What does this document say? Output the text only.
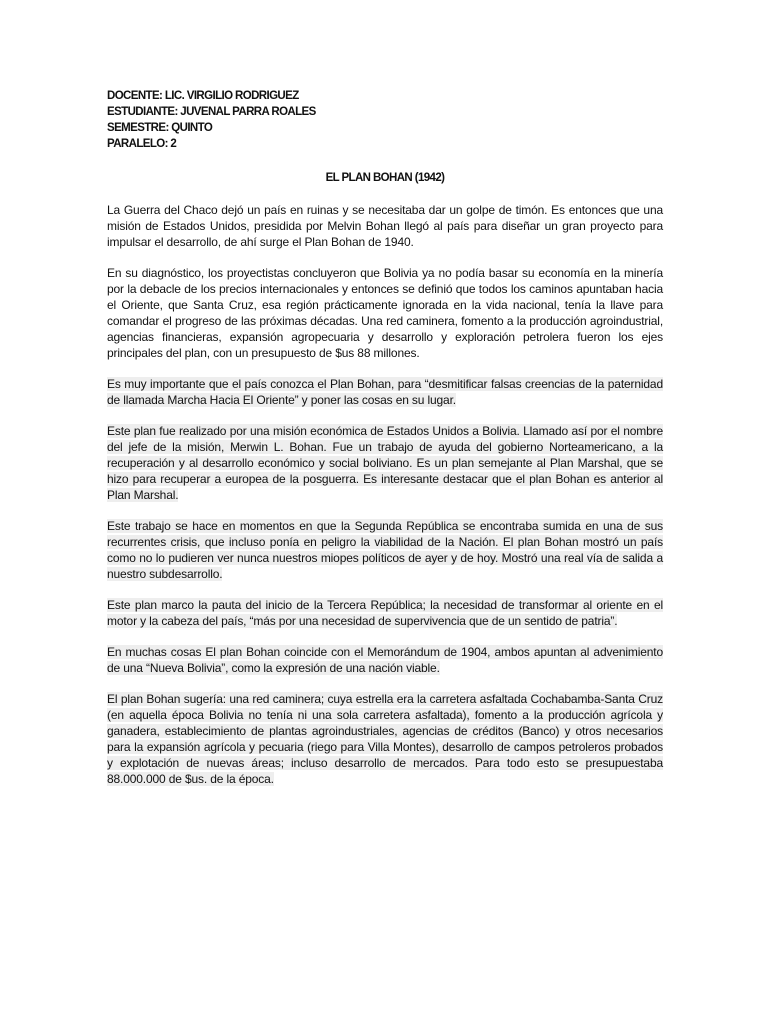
DOCENTE: LIC. VIRGILIO RODRIGUEZ
ESTUDIANTE: JUVENAL PARRA ROALES
SEMESTRE: QUINTO
PARALELO: 2
EL PLAN BOHAN (1942)

La Guerra del Chaco dejó un país en ruinas y se necesitaba dar un golpe de timón. Es entonces que una misión de Estados Unidos, presidida por Melvin Bohan llegó al país para diseñar un gran proyecto para impulsar el desarrollo, de ahí surge el Plan Bohan de 1940.

En su diagnóstico, los proyectistas concluyeron que Bolivia ya no podía basar su economía en la minería por la debacle de los precios internacionales y entonces se definió que todos los caminos apuntaban hacia el Oriente, que Santa Cruz, esa región prácticamente ignorada en la vida nacional, tenía la llave para comandar el progreso de las próximas décadas. Una red caminera, fomento a la producción agroindustrial, agencias financieras, expansión agropecuaria y desarrollo y exploración petrolera fueron los ejes principales del plan, con un presupuesto de $us 88 millones.

Es muy importante que el país conozca el Plan Bohan, para “desmitificar falsas creencias de la paternidad de llamada Marcha Hacia El Oriente” y poner las cosas en su lugar.

Este plan fue realizado por una misión económica de Estados Unidos a Bolivia. Llamado así por el nombre del jefe de la misión, Merwin L. Bohan. Fue un trabajo de ayuda del gobierno Norteamericano, a la recuperación y al desarrollo económico y social boliviano. Es un plan semejante al Plan Marshal, que se hizo para recuperar a europea de la posguerra. Es interesante destacar que el plan Bohan es anterior al Plan Marshal.

Este trabajo se hace en momentos en que la Segunda República se encontraba sumida en una de sus recurrentes crisis, que incluso ponía en peligro la viabilidad de la Nación. El plan Bohan mostró un país como no lo pudieren ver nunca nuestros miopes políticos de ayer y de hoy. Mostró una real vía de salida a nuestro subdesarrollo.

Este plan marco la pauta del inicio de la Tercera República; la necesidad de transformar al oriente en el motor y la cabeza del país, “más por una necesidad de supervivencia que de un sentido de patria”.

En muchas cosas El plan Bohan coincide con el Memorándum de 1904, ambos apuntan al advenimiento de una “Nueva Bolivia”, como la expresión de una nación viable.

El plan Bohan sugería: una red caminera; cuya estrella era la carretera asfaltada Cochabamba-Santa Cruz (en aquella época Bolivia no tenía ni una sola carretera asfaltada), fomento a la producción agrícola y ganadera, establecimiento de plantas agroindustriales, agencias de créditos (Banco) y otros necesarios para la expansión agrícola y pecuaria (riego para Villa Montes), desarrollo de campos petroleros probados y explotación de nuevas áreas; incluso desarrollo de mercados. Para todo esto se presupuestaba 88.000.000 de $us. de la época.
